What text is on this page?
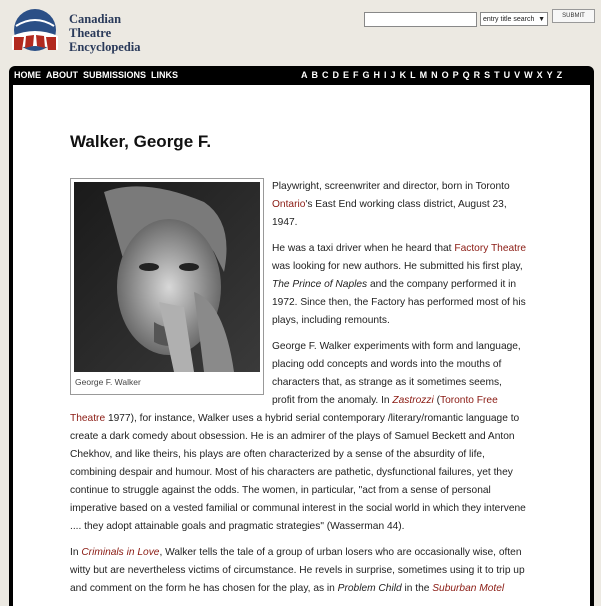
Canadian
Theatre
Encyclopedia
entry title search ▼	SUBMIT
HOME ABOUT SUBMISSIONS LINKS	A B C D E F G H I J K L M N O P Q R S T U V W X Y Z
Walker, George F.
George F. Walker

Playwright, screenwriter and director, born in Toronto Ontario's East End working class district, August 23, 1947.

He was a taxi driver when he heard that Factory Theatre was looking for new authors. He submitted his first play, The Prince of Naples and the company performed it in 1972. Since then, the Factory has performed most of his plays, including remounts.

George F. Walker experiments with form and language, placing odd concepts and words into the mouths of characters that, as strange as it sometimes seems, profit from the anomaly. In Zastrozzi (Toronto Free Theatre 1977), for instance, Walker uses a hybrid serial contemporary /literary/romantic language to create a dark comedy about obsession. He is an admirer of the plays of Samuel Beckett and Anton Chekhov, and like theirs, his plays are often characterized by a sense of the absurdity of life, combining despair and humour. Most of his characters are pathetic, dysfunctional failures, yet they continue to struggle against the odds. The women, in particular, "act from a sense of personal imperative based on a vested familial or communal interest in the social world in which they intervene .... they adopt attainable goals and pragmatic strategies" (Wasserman 44).

In Criminals in Love, Walker tells the tale of a group of urban losers who are occasionally wise, often witty but are nevertheless victims of circumstance. He revels in surprise, sometimes using it to trip up and comment on the form he has chosen for the play, as in Problem Child in the Suburban Motel
